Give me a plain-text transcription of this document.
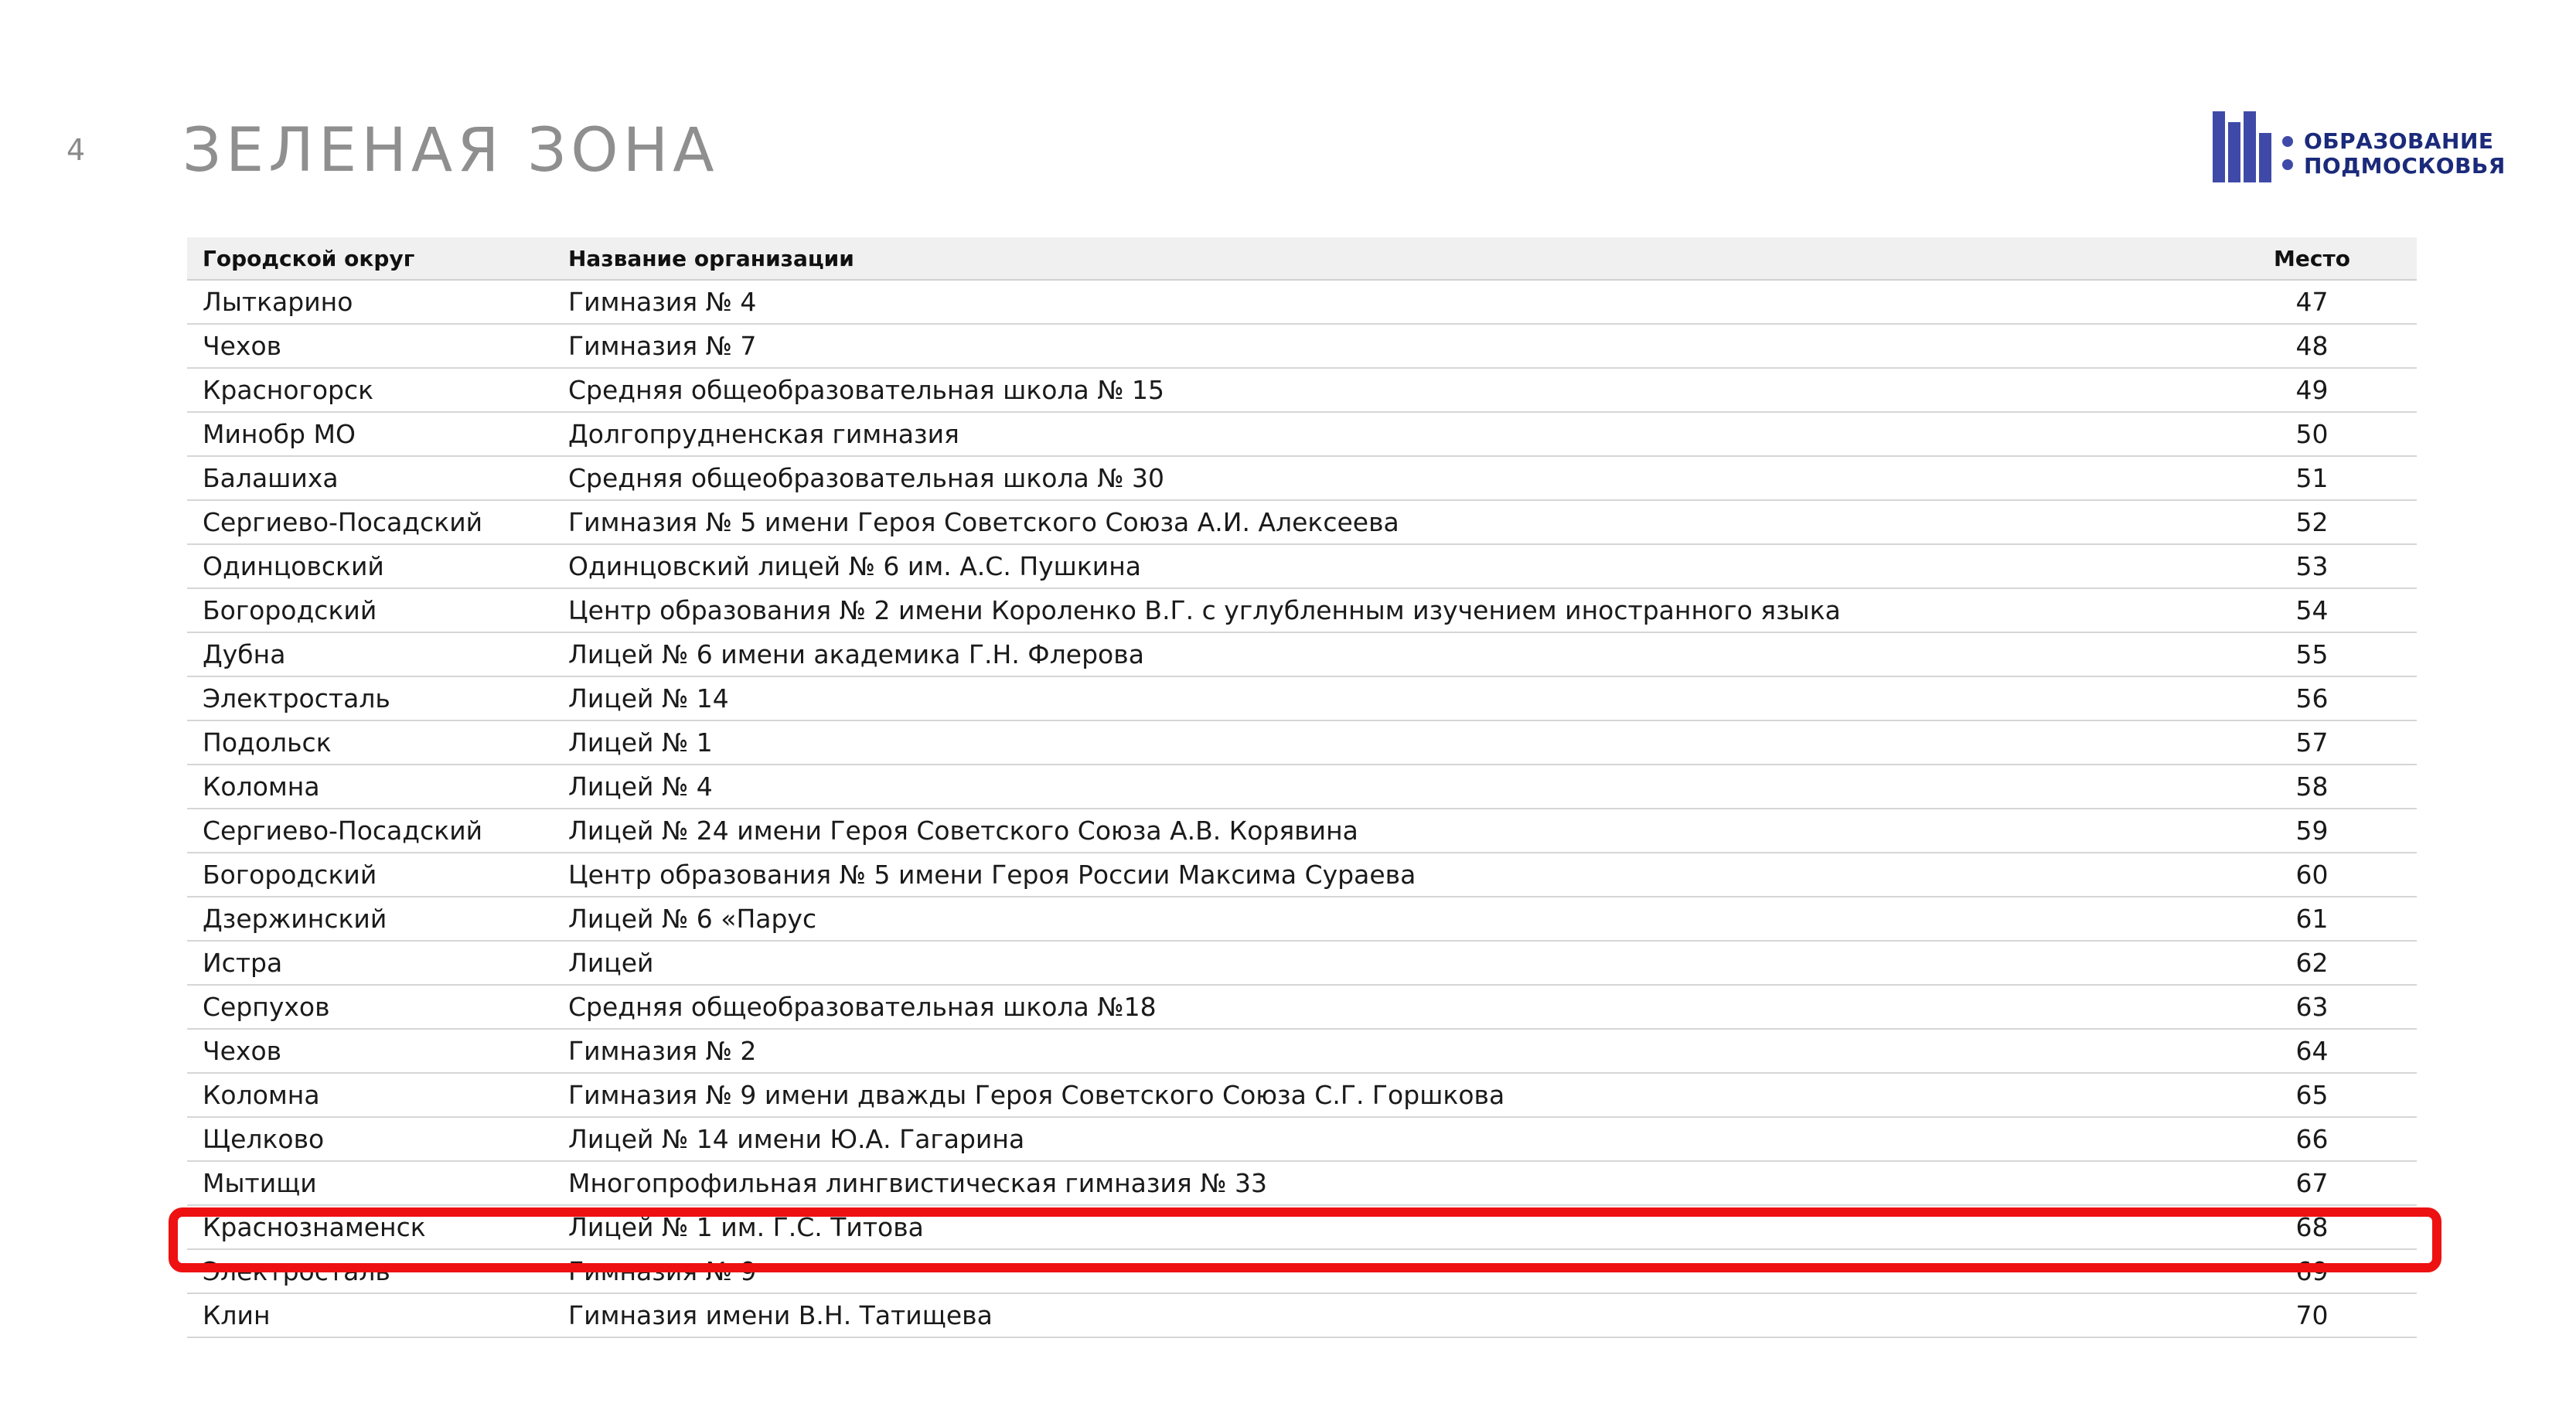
4 ЗЕЛЕНАЯ ЗОНА	ОБРАЗОВАНИЕ
ПОДМОСКОВЬЯ
Городской округ	Название организации	Место
Лыткарино	Гимназия № 4	47
Чехов	Гимназия № 7	48
Красногорск	Средняя общеобразовательная школа № 15	49
Минобр МО	Долгопрудненская гимназия	50
Балашиха	Средняя общеобразовательная школа № 30	51
Сергиево-Посадский	Гимназия № 5 имени Героя Советского Союза А.И. Алексеева	52
Одинцовский	Одинцовский лицей № 6 им. А.С. Пушкина	53
Богородский	Центр образования № 2 имени Короленко В.Г. с углубленным изучением иностранного языка	54
Дубна	Лицей № 6 имени академика Г.Н. Флерова	55
Электросталь	Лицей № 14	56
Подольск	Лицей № 1	57
Коломна	Лицей № 4	58
Сергиево-Посадский	Лицей № 24 имени Героя Советского Союза А.В. Корявина	59
Богородский	Центр образования № 5 имени Героя России Максима Сураева	60
Дзержинский	Лицей № 6 «Парус	61
Истра	Лицей	62
Серпухов	Средняя общеобразовательная школа №18	63
Чехов	Гимназия № 2	64
Коломна	Гимназия № 9 имени дважды Героя Советского Союза С.Г. Горшкова	65
Щелково	Лицей № 14 имени Ю.А. Гагарина	66
Мытищи	Многопрофильная лингвистическая гимназия № 33	67
Краснознаменск	Лицей № 1 им. Г.С. Титова	68
Электросталь	Гимназия № 9	69
Клин	Гимназия имени В.Н. Татищева	70
